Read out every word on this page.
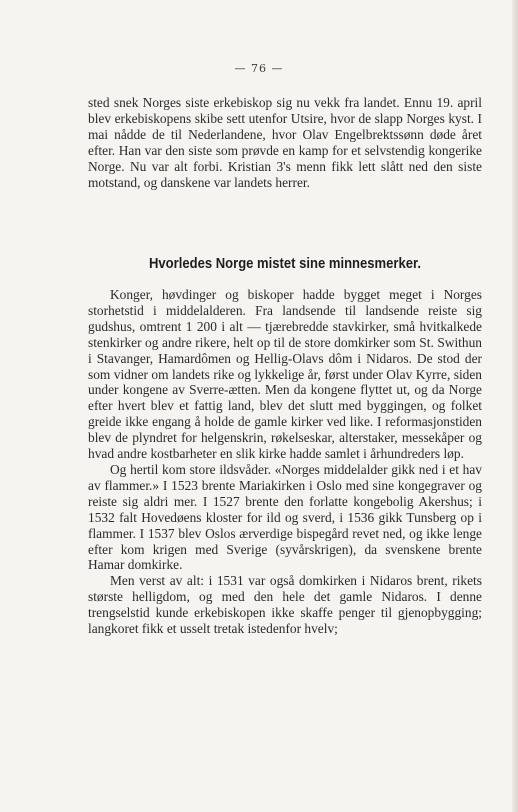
— 76 —

sted snek Norges siste erkebiskop sig nu vekk fra landet. Ennu 19. april blev erkebiskopens skibe sett utenfor Utsire, hvor de slapp Norges kyst. I mai nådde de til Nederlandene, hvor Olav Engelbrektssønn døde året efter. Han var den siste som prøvde en kamp for et selvstendig kongerike Norge. Nu var alt forbi. Kristian 3's menn fikk lett slått ned den siste motstand, og danskene var landets herrer.

Hvorledes Norge mistet sine minnesmerker.

Konger, høvdinger og biskoper hadde bygget meget i Norges storhetstid i middelalderen. Fra landsende til landsende reiste sig gudshus, omtrent 1 200 i alt — tjærebredde stavkirker, små hvitkalkede stenkirker og andre rikere, helt op til de store domkirker som St. Swithun i Stavanger, Hamardômen og Hellig-Olavs dôm i Nidaros. De stod der som vidner om landets rike og lykkelige år, først under Olav Kyrre, siden under kongene av Sverre-ætten. Men da kongene flyttet ut, og da Norge efter hvert blev et fattig land, blev det slutt med byggingen, og folket greide ikke engang å holde de gamle kirker ved like. I reformasjonstiden blev de plyndret for helgenskrin, røkelseskar, alterstaker, messekåper og hvad andre kostbarheter en slik kirke hadde samlet i århundreders løp.

Og hertil kom store ildsvåder. «Norges middelalder gikk ned i et hav av flammer.» I 1523 brente Mariakirken i Oslo med sine kongegraver og reiste sig aldri mer. I 1527 brente den forlatte kongebolig Akershus; i 1532 falt Hovedøens kloster for ild og sverd, i 1536 gikk Tunsberg op i flammer. I 1537 blev Oslos ærverdige bispegård revet ned, og ikke lenge efter kom krigen med Sverige (syvårskrigen), da svenskene brente Hamar domkirke.

Men verst av alt: i 1531 var også domkirken i Nidaros brent, rikets største helligdom, og med den hele det gamle Nidaros. I denne trengselstid kunde erkebiskopen ikke skaffe penger til gjenopbygging; langkoret fikk et usselt tretak istedenfor hvelv;
